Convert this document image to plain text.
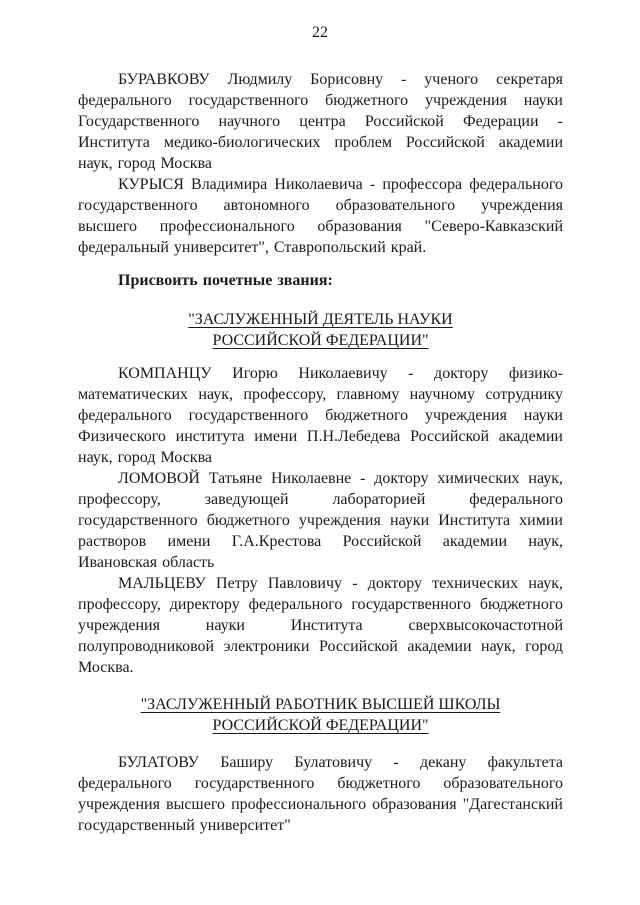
22

БУРАВКОВУ Людмилу Борисовну - ученого секретаря федерального государственного бюджетного учреждения науки Государственного научного центра Российской Федерации - Института медико-биологических проблем Российской академии наук, город Москва

КУРЫСЯ Владимира Николаевича - профессора федерального государственного автономного образовательного учреждения высшего профессионального образования "Северо-Кавказский федеральный университет", Ставропольский край.

Присвоить почетные звания:

"ЗАСЛУЖЕННЫЙ ДЕЯТЕЛЬ НАУКИ
РОССИЙСКОЙ ФЕДЕРАЦИИ"

КОМПАНЦУ Игорю Николаевичу - доктору физико-математических наук, профессору, главному научному сотруднику федерального государственного бюджетного учреждения науки Физического института имени П.Н.Лебедева Российской академии наук, город Москва

ЛОМОВОЙ Татьяне Николаевне - доктору химических наук, профессору, заведующей лабораторией федерального государственного бюджетного учреждения науки Института химии растворов имени Г.А.Крестова Российской академии наук, Ивановская область

МАЛЬЦЕВУ Петру Павловичу - доктору технических наук, профессору, директору федерального государственного бюджетного учреждения науки Института сверхвысокочастотной полупроводниковой электроники Российской академии наук, город Москва.

"ЗАСЛУЖЕННЫЙ РАБОТНИК ВЫСШЕЙ ШКОЛЫ
РОССИЙСКОЙ ФЕДЕРАЦИИ"

БУЛАТОВУ Баширу Булатовичу - декану факультета федерального государственного бюджетного образовательного учреждения высшего профессионального образования "Дагестанский государственный университет"
